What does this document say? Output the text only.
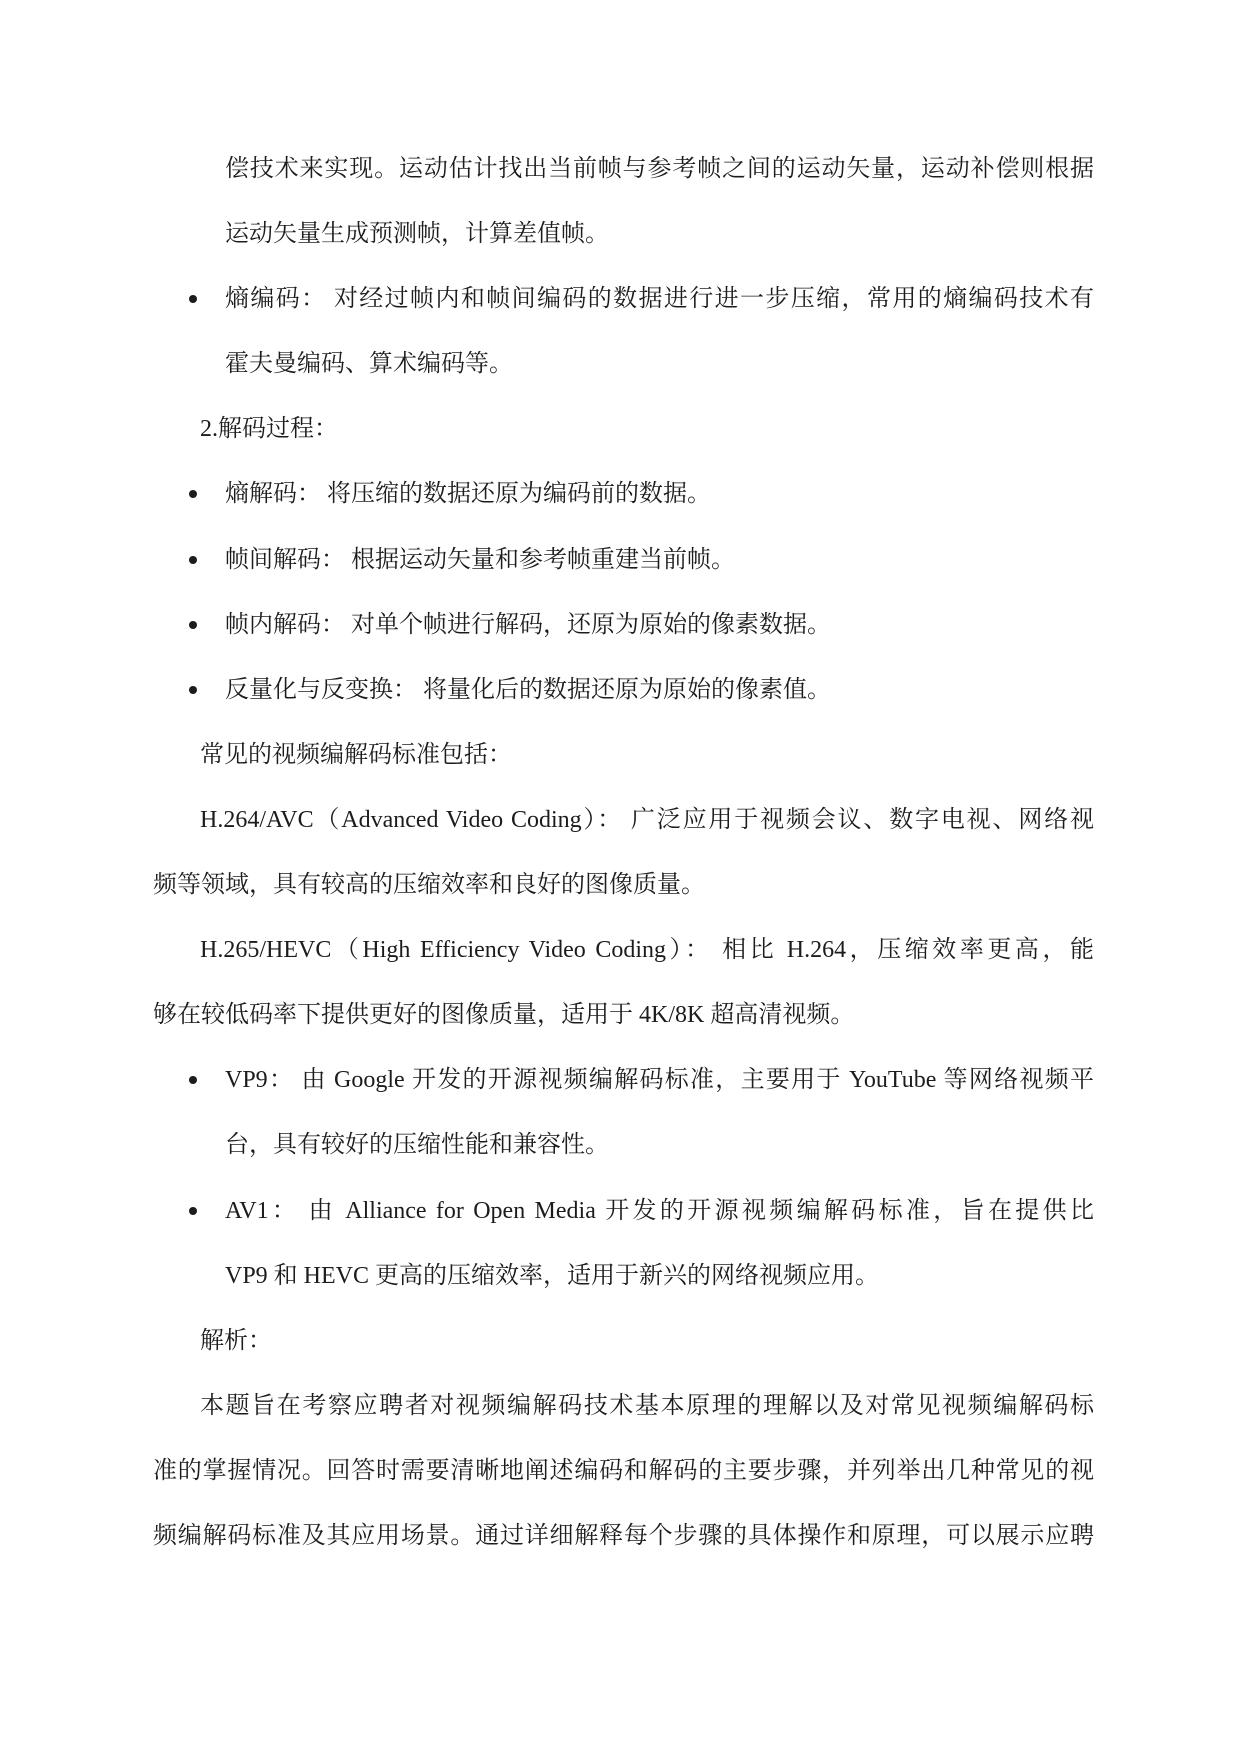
偿技术来实现。运动估计找出当前帧与参考帧之间的运动矢量，运动补偿则根据
运动矢量生成预测帧，计算差值帧。
熵编码： 对经过帧内和帧间编码的数据进行进一步压缩，常用的熵编码技术有
霍夫曼编码、算术编码等。
2.解码过程：
熵解码： 将压缩的数据还原为编码前的数据。
帧间解码： 根据运动矢量和参考帧重建当前帧。
帧内解码： 对单个帧进行解码，还原为原始的像素数据。
反量化与反变换： 将量化后的数据还原为原始的像素值。
常见的视频编解码标准包括：
H.264/AVC（Advanced Video Coding）： 广泛应用于视频会议、数字电视、网络视
频等领域，具有较高的压缩效率和良好的图像质量。
H.265/HEVC（High Efficiency Video Coding）： 相比 H.264，压缩效率更高，能
够在较低码率下提供更好的图像质量，适用于 4K/8K 超高清视频。
VP9： 由 Google 开发的开源视频编解码标准，主要用于 YouTube 等网络视频平
台，具有较好的压缩性能和兼容性。
AV1： 由 Alliance for Open Media 开发的开源视频编解码标准，旨在提供比
VP9 和 HEVC 更高的压缩效率，适用于新兴的网络视频应用。
解析：
本题旨在考察应聘者对视频编解码技术基本原理的理解以及对常见视频编解码标
准的掌握情况。回答时需要清晰地阐述编码和解码的主要步骤，并列举出几种常见的视
频编解码标准及其应用场景。通过详细解释每个步骤的具体操作和原理，可以展示应聘
